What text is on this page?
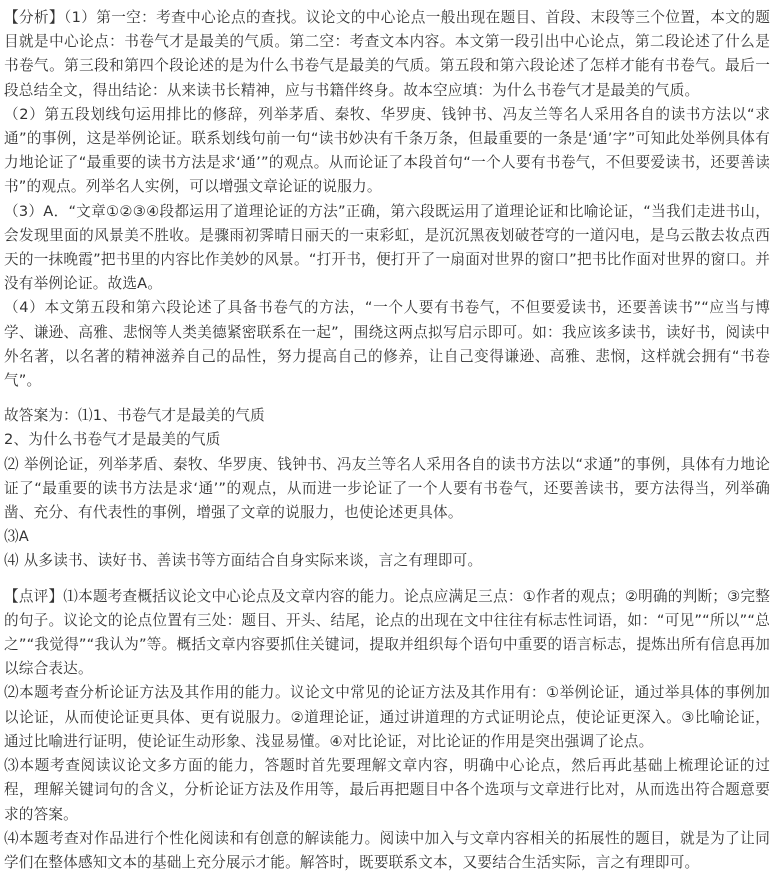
【分析】（1）第一空：考查中心论点的查找。议论文的中心论点一般出现在题目、首段、末段等三个位置，本文的题目就是中心论点：书卷气才是最美的气质。第二空：考查文本内容。本文第一段引出中心论点，第二段论述了什么是书卷气。第三段和第四个段论述的是为什么书卷气是最美的气质。第五段和第六段论述了怎样才能有书卷气。最后一段总结全文，得出结论：从来读书长精神，应与书籍伴终身。故本空应填：为什么书卷气才是最美的气质。

（2）第五段划线句运用排比的修辞，列举茅盾、秦牧、华罗庚、钱钟书、冯友兰等名人采用各自的读书方法以“求通”的事例，这是举例论证。联系划线句前一句“读书妙决有千条万条，但最重要的一条是‘通’字”可知此处举例具体有力地论证了“最重要的读书方法是求‘通’”的观点。从而论证了本段首句“一个人要有书卷气，不但要爱读书，还要善读书”的观点。列举名人实例，可以增强文章论证的说服力。

（3）A．“文章①②③④段都运用了道理论证的方法”正确，第六段既运用了道理论证和比喻论证，“当我们走进书山，会发现里面的风景美不胜收。是骤雨初霁晴日丽天的一束彩虹，是沉沉黑夜划破苍穹的一道闪电，是乌云散去妆点西天的一抹晚霞”把书里的内容比作美妙的风景。“打开书，便打开了一扇面对世界的窗口”把书比作面对世界的窗口。并没有举例论证。故选A。

（4）本文第五段和第六段论述了具备书卷气的方法，“一个人要有书卷气，不但要爱读书，还要善读书”“应当与博学、谦逊、高雅、悲悯等人类美德紧密联系在一起”，围绕这两点拟写启示即可。如：我应该多读书，读好书，阅读中外名著，以名著的精神滋养自己的品性，努力提高自己的修养，让自己变得谦逊、高雅、悲悯，这样就会拥有“书卷气”。

故答案为：⑴1、书卷气才是最美的气质

2、为什么书卷气才是最美的气质

⑵ 举例论证，列举茅盾、秦牧、华罗庚、钱钟书、冯友兰等名人采用各自的读书方法以“求通”的事例，具体有力地论证了“最重要的读书方法是求‘通’”的观点，从而进一步论证了一个人要有书卷气，还要善读书，要方法得当，列举确凿、充分、有代表性的事例，增强了文章的说服力，也使论述更具体。

⑶A

⑷ 从多读书、读好书、善读书等方面结合自身实际来谈，言之有理即可。

【点评】⑴本题考查概括议论文中心论点及文章内容的能力。论点应满足三点：①作者的观点；②明确的判断；③完整的句子。议论文的论点位置有三处：题目、开头、结尾，论点的出现在文中往往有标志性词语，如：“可见”“所以”“总之”“我觉得”“我认为”等。概括文章内容要抓住关键词，提取并组织每个语句中重要的语言标志，提炼出所有信息再加以综合表达。

⑵本题考查分析论证方法及其作用的能力。议论文中常见的论证方法及其作用有：①举例论证，通过举具体的事例加以论证，从而使论证更具体、更有说服力。②道理论证，通过讲道理的方式证明论点，使论证更深入。③比喻论证，通过比喻进行证明，使论证生动形象、浅显易懂。④对比论证，对比论证的作用是突出强调了论点。

⑶本题考查阅读议论文多方面的能力，答题时首先要理解文章内容，明确中心论点，然后再此基础上梳理论证的过程，理解关键词句的含义，分析论证方法及作用等，最后再把题目中各个选项与文章进行比对，从而选出符合题意要求的答案。

⑷本题考查对作品进行个性化阅读和有创意的解读能力。阅读中加入与文章内容相关的拓展性的题目，就是为了让同学们在整体感知文本的基础上充分展示才能。解答时，既要联系文本，又要结合生活实际，言之有理即可。
